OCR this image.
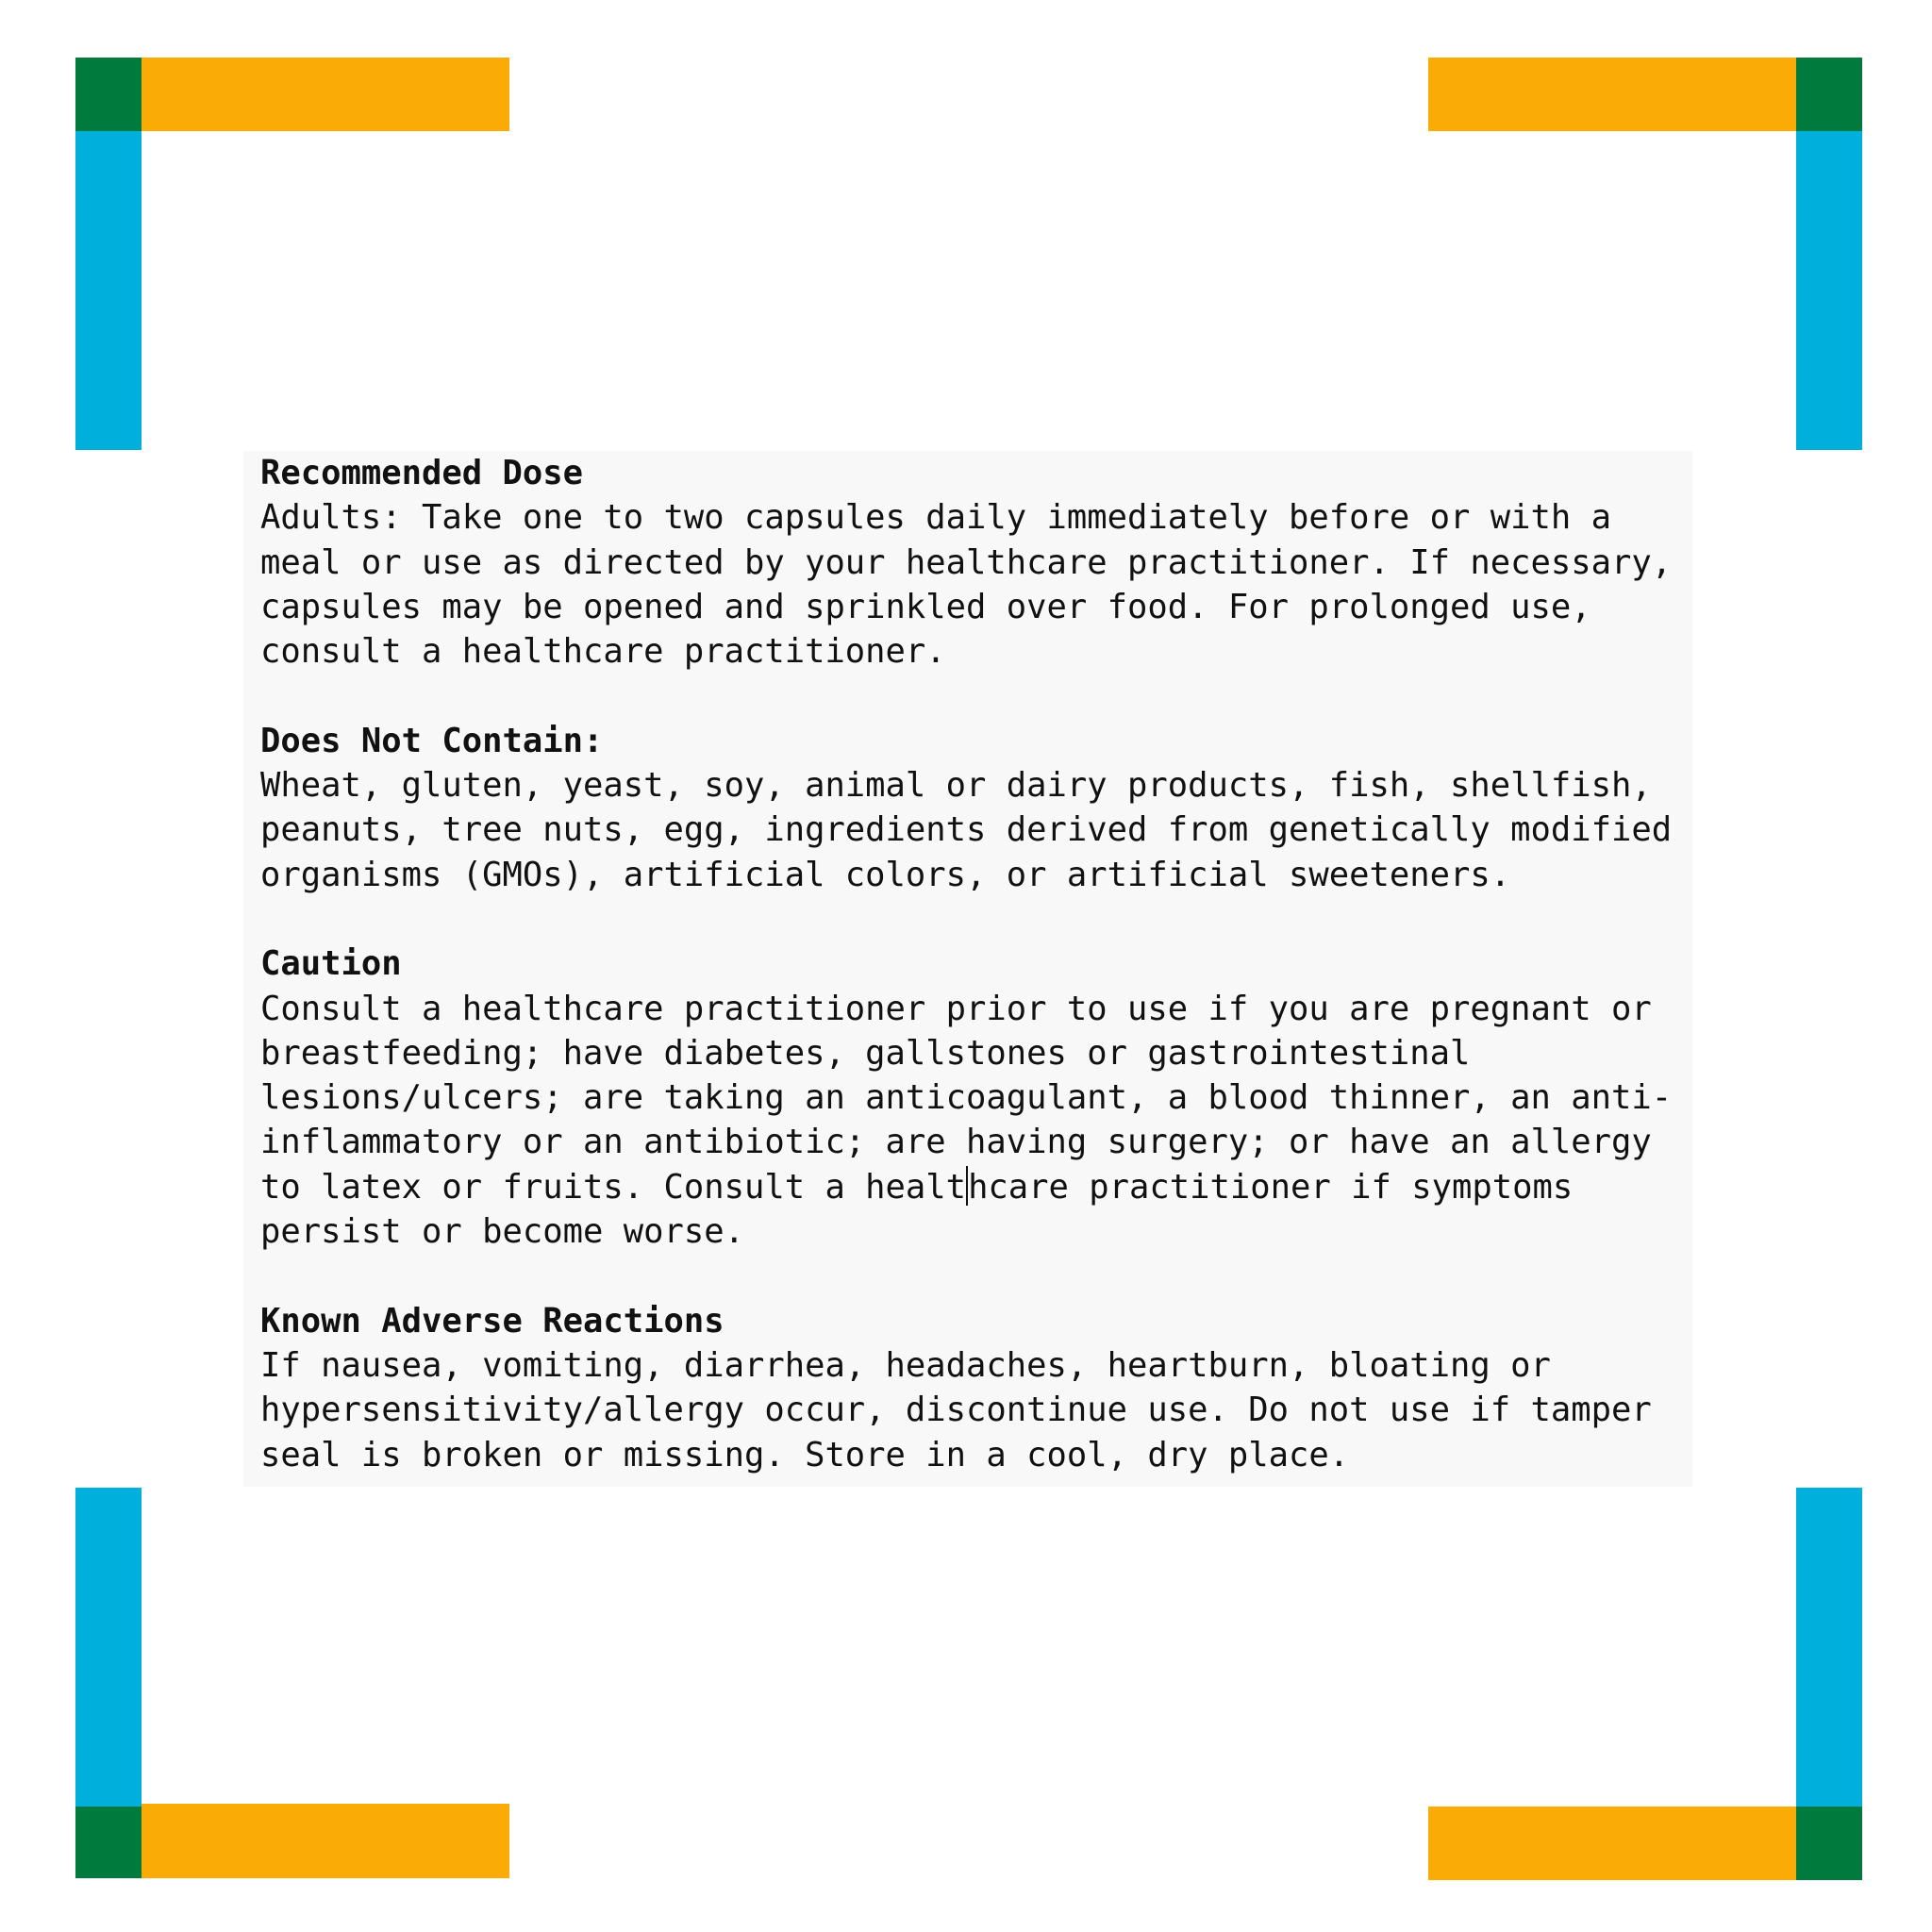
Recommended Dose

Adults: Take one to two capsules daily immediately before or with a

meal or use as directed by your healthcare practitioner. If necessary,

capsules may be opened and sprinkled over food. For prolonged use,

consult a healthcare practitioner.

Does Not Contain:

Wheat, gluten, yeast, soy, animal or dairy products, fish, shellfish,

peanuts, tree nuts, egg, ingredients derived from genetically modified

organisms (GMOs), artificial colors, or artificial sweeteners.

Caution

Consult a healthcare practitioner prior to use if you are pregnant or

breastfeeding; have diabetes, gallstones or gastrointestinal

lesions/ulcers; are taking an anticoagulant, a blood thinner, an anti-

inflammatory or an antibiotic; are having surgery; or have an allergy

to latex or fruits. Consult a healthcare practitioner if symptoms

persist or become worse.

Known Adverse Reactions

If nausea, vomiting, diarrhea, headaches, heartburn, bloating or

hypersensitivity/allergy occur, discontinue use. Do not use if tamper

seal is broken or missing. Store in a cool, dry place.
